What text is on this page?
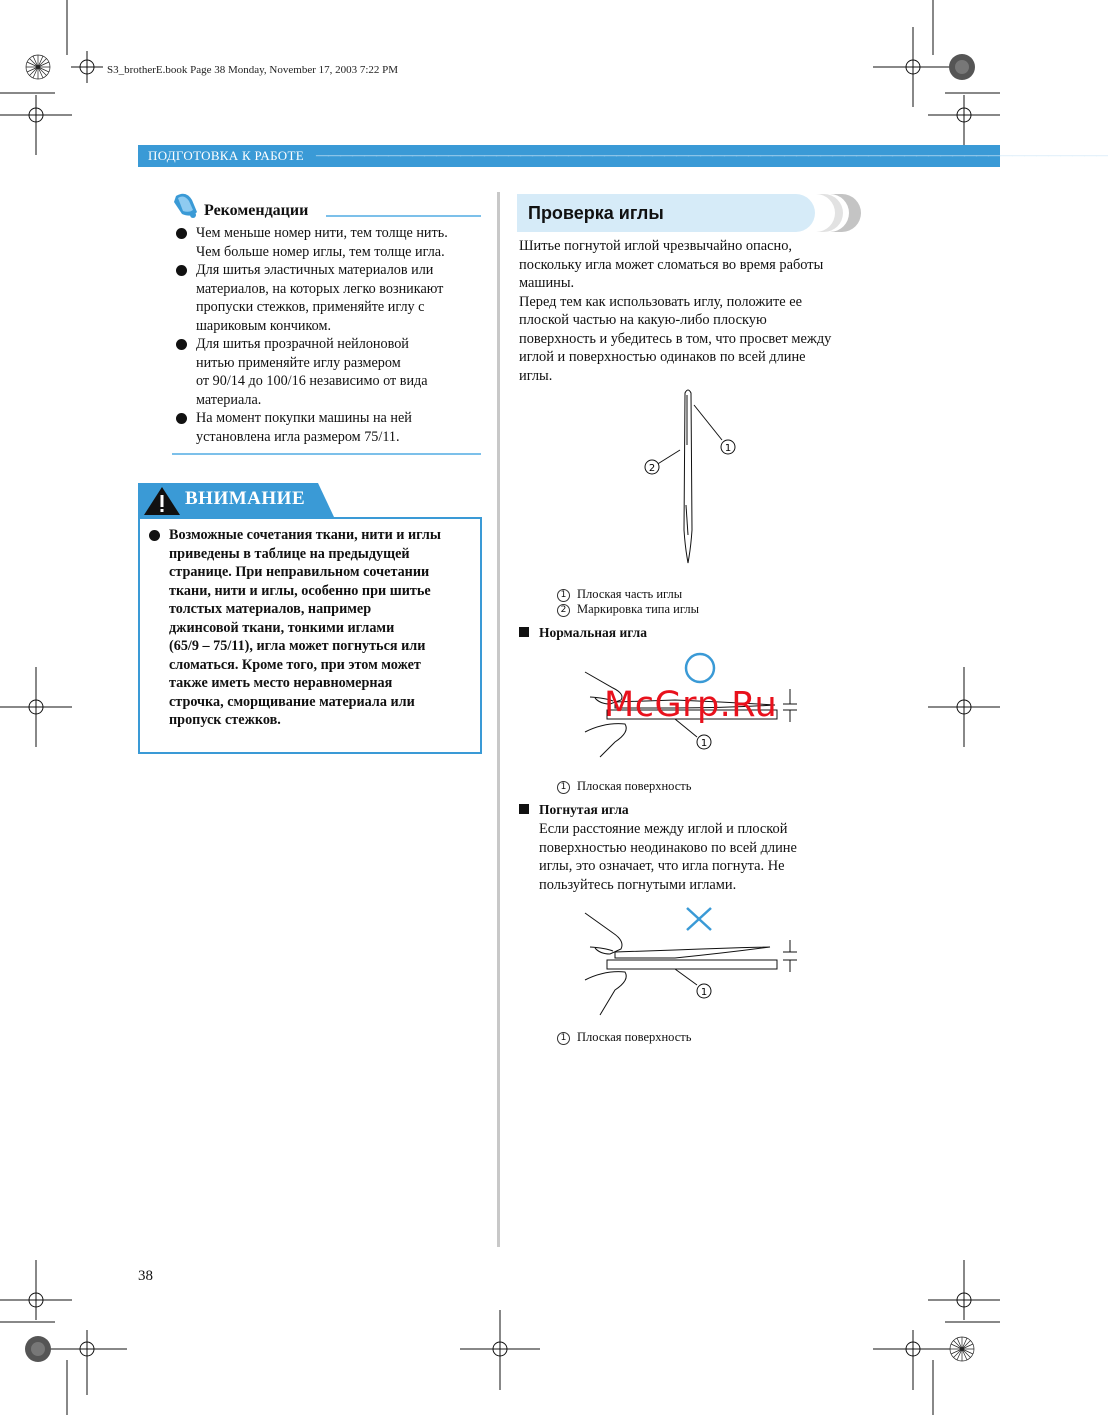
S3_brotherE.book Page 38 Monday, November 17, 2003 7:22 PM
ПОДГОТОВКА К РАБОТЕ ——————————————————————————————————————————————————————————————————
Рекомендации
Чем меньше номер нити, тем толще нить.
Чем больше номер иглы, тем толще игла.
Для шитья эластичных материалов или
материалов, на которых легко возникают
пропуски стежков, применяйте иглу с
шариковым кончиком.
Для шитья прозрачной нейлоновой
нитью применяйте иглу размером
от 90/14 до 100/16 независимо от вида
материала.
На момент покупки машины на ней
установлена игла размером 75/11.
ВНИМАНИЕ
Возможные сочетания ткани, нити и иглы
приведены в таблице на предыдущей
странице. При неправильном сочетании
ткани, нити и иглы, особенно при шитье
толстых материалов, например
джинсовой ткани, тонкими иглами
(65/9 – 75/11), игла может погнуться или
сломаться. Кроме того, при этом может
также иметь место неравномерная
строчка, сморщивание материала или
пропуск стежков.
Проверка иглы
Шитье погнутой иглой чрезвычайно опасно,
поскольку игла может сломаться во время работы
машины.
Перед тем как использовать иглу, положите ее
плоской частью на какую-либо плоскую
поверхность и убедитесь в том, что просвет между
иглой и поверхностью одинаков по всей длине
иглы.
1
2
1 Плоская часть иглы
2 Маркировка типа иглы
Нормальная игла
1
1 Плоская поверхность
Погнутая игла
Если расстояние между иглой и плоской
поверхностью неодинаково по всей длине
иглы, это означает, что игла погнута. Не
пользуйтесь погнутыми иглами.
1
1 Плоская поверхность
38
McGrp.Ru
